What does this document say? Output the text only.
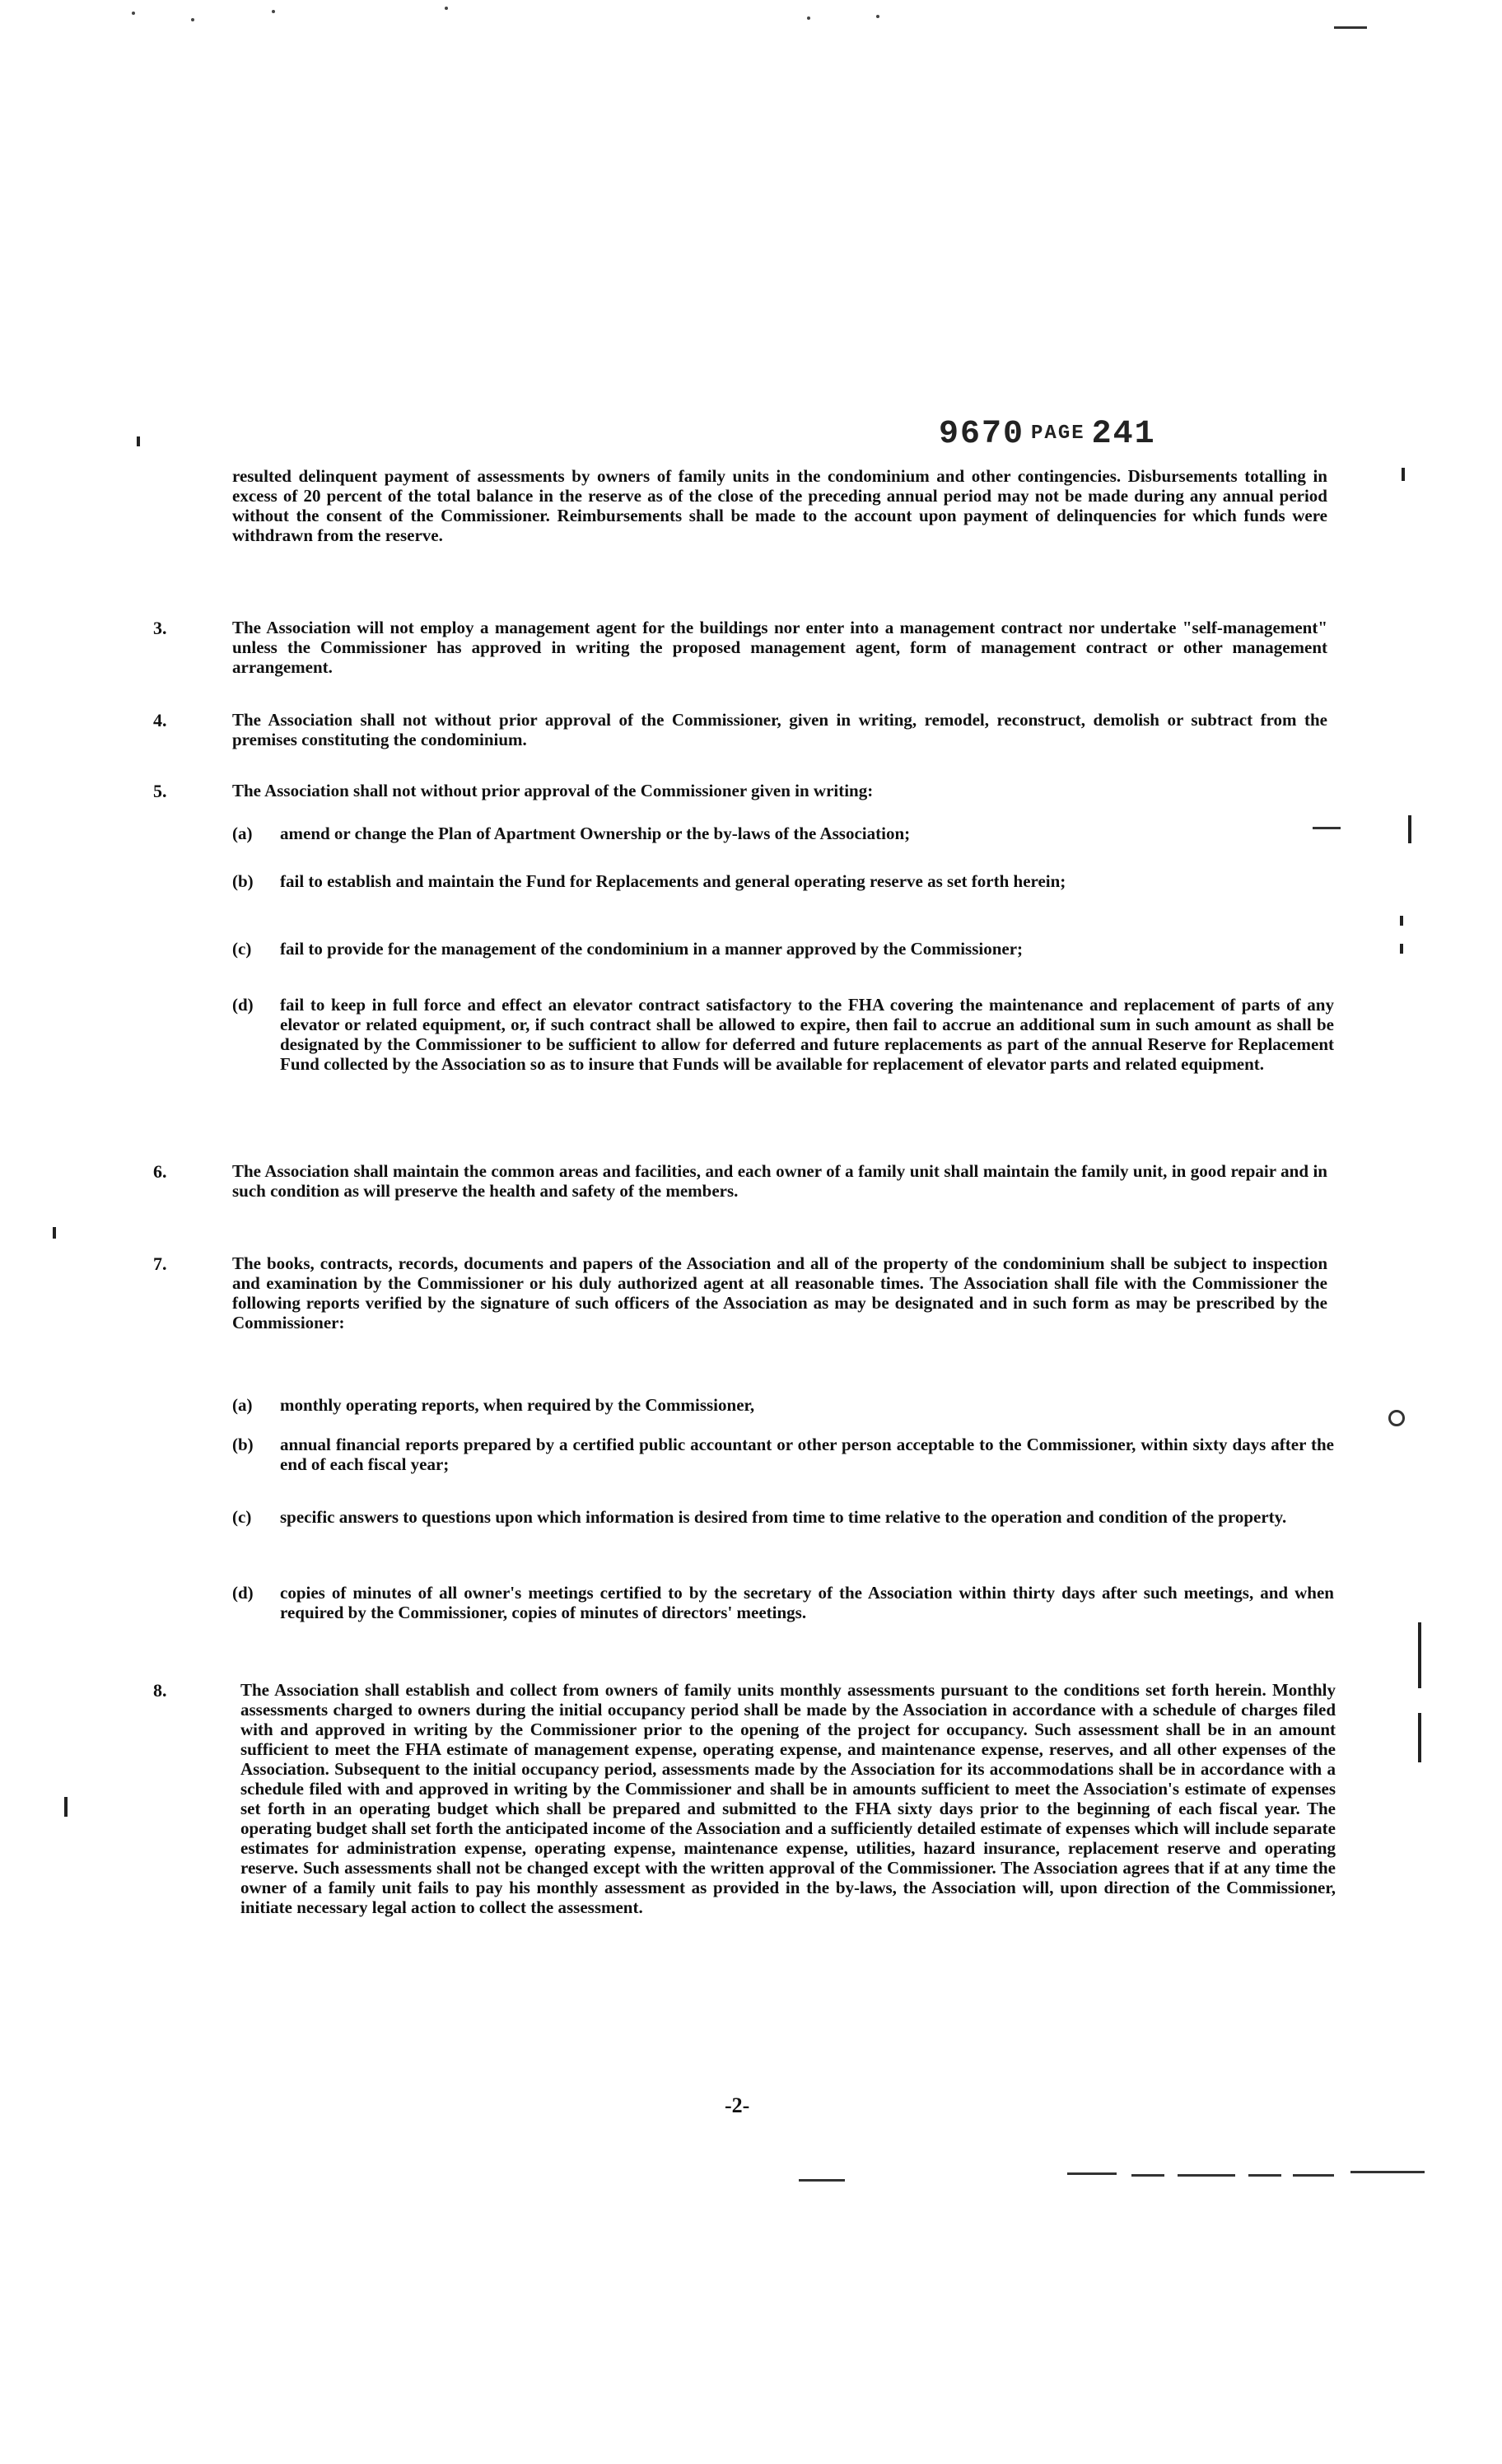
9670 PAGE 241
resulted delinquent payment of assessments by owners of family units in the condominium and other contingencies. Disbursements totalling in excess of 20 percent of the total balance in the reserve as of the close of the preceding annual period may not be made during any annual period without the consent of the Commissioner. Reimbursements shall be made to the account upon payment of delinquencies for which funds were withdrawn from the reserve.
3.	The Association will not employ a management agent for the buildings nor enter into a management contract nor undertake "self-management" unless the Commissioner has approved in writing the proposed management agent, form of management contract or other management arrangement.
4.	The Association shall not without prior approval of the Commissioner, given in writing, remodel, reconstruct, demolish or subtract from the premises constituting the condominium.
5.	The Association shall not without prior approval of the Commissioner given in writing:
(a) amend or change the Plan of Apartment Ownership or the by-laws of the Association;
(b) fail to establish and maintain the Fund for Replacements and general operating reserve as set forth herein;
(c) fail to provide for the management of the condominium in a manner approved by the Commissioner;
(d) fail to keep in full force and effect an elevator contract satisfactory to the FHA covering the maintenance and replacement of parts of any elevator or related equipment, or, if such contract shall be allowed to expire, then fail to accrue an additional sum in such amount as shall be designated by the Commissioner to be sufficient to allow for deferred and future replacements as part of the annual Reserve for Replacement Fund collected by the Association so as to insure that Funds will be available for replacement of elevator parts and related equipment.
6.	The Association shall maintain the common areas and facilities, and each owner of a family unit shall maintain the family unit, in good repair and in such condition as will preserve the health and safety of the members.
7.	The books, contracts, records, documents and papers of the Association and all of the property of the condominium shall be subject to inspection and examination by the Commissioner or his duly authorized agent at all reasonable times. The Association shall file with the Commissioner the following reports verified by the signature of such officers of the Association as may be designated and in such form as may be prescribed by the Commissioner:
(a) monthly operating reports, when required by the Commissioner,
(b) annual financial reports prepared by a certified public accountant or other person acceptable to the Commissioner, within sixty days after the end of each fiscal year;
(c) specific answers to questions upon which information is desired from time to time relative to the operation and condition of the property.
(d) copies of minutes of all owner's meetings certified to by the secretary of the Association within thirty days after such meetings, and when required by the Commissioner, copies of minutes of directors' meetings.
8.	The Association shall establish and collect from owners of family units monthly assessments pursuant to the conditions set forth herein. Monthly assessments charged to owners during the initial occupancy period shall be made by the Association in accordance with a schedule of charges filed with and approved in writing by the Commissioner prior to the opening of the project for occupancy. Such assessment shall be in an amount sufficient to meet the FHA estimate of management expense, operating expense, and maintenance expense, reserves, and all other expenses of the Association. Subsequent to the initial occupancy period, assessments made by the Association for its accommodations shall be in accordance with a schedule filed with and approved in writing by the Commissioner and shall be in amounts sufficient to meet the Association's estimate of expenses set forth in an operating budget which shall be prepared and submitted to the FHA sixty days prior to the beginning of each fiscal year. The operating budget shall set forth the anticipated income of the Association and a sufficiently detailed estimate of expenses which will include separate estimates for administration expense, operating expense, maintenance expense, utilities, hazard insurance, replacement reserve and operating reserve. Such assessments shall not be changed except with the written approval of the Commissioner. The Association agrees that if at any time the owner of a family unit fails to pay his monthly assessment as provided in the by-laws, the Association will, upon direction of the Commissioner, initiate necessary legal action to collect the assessment.
-2-
